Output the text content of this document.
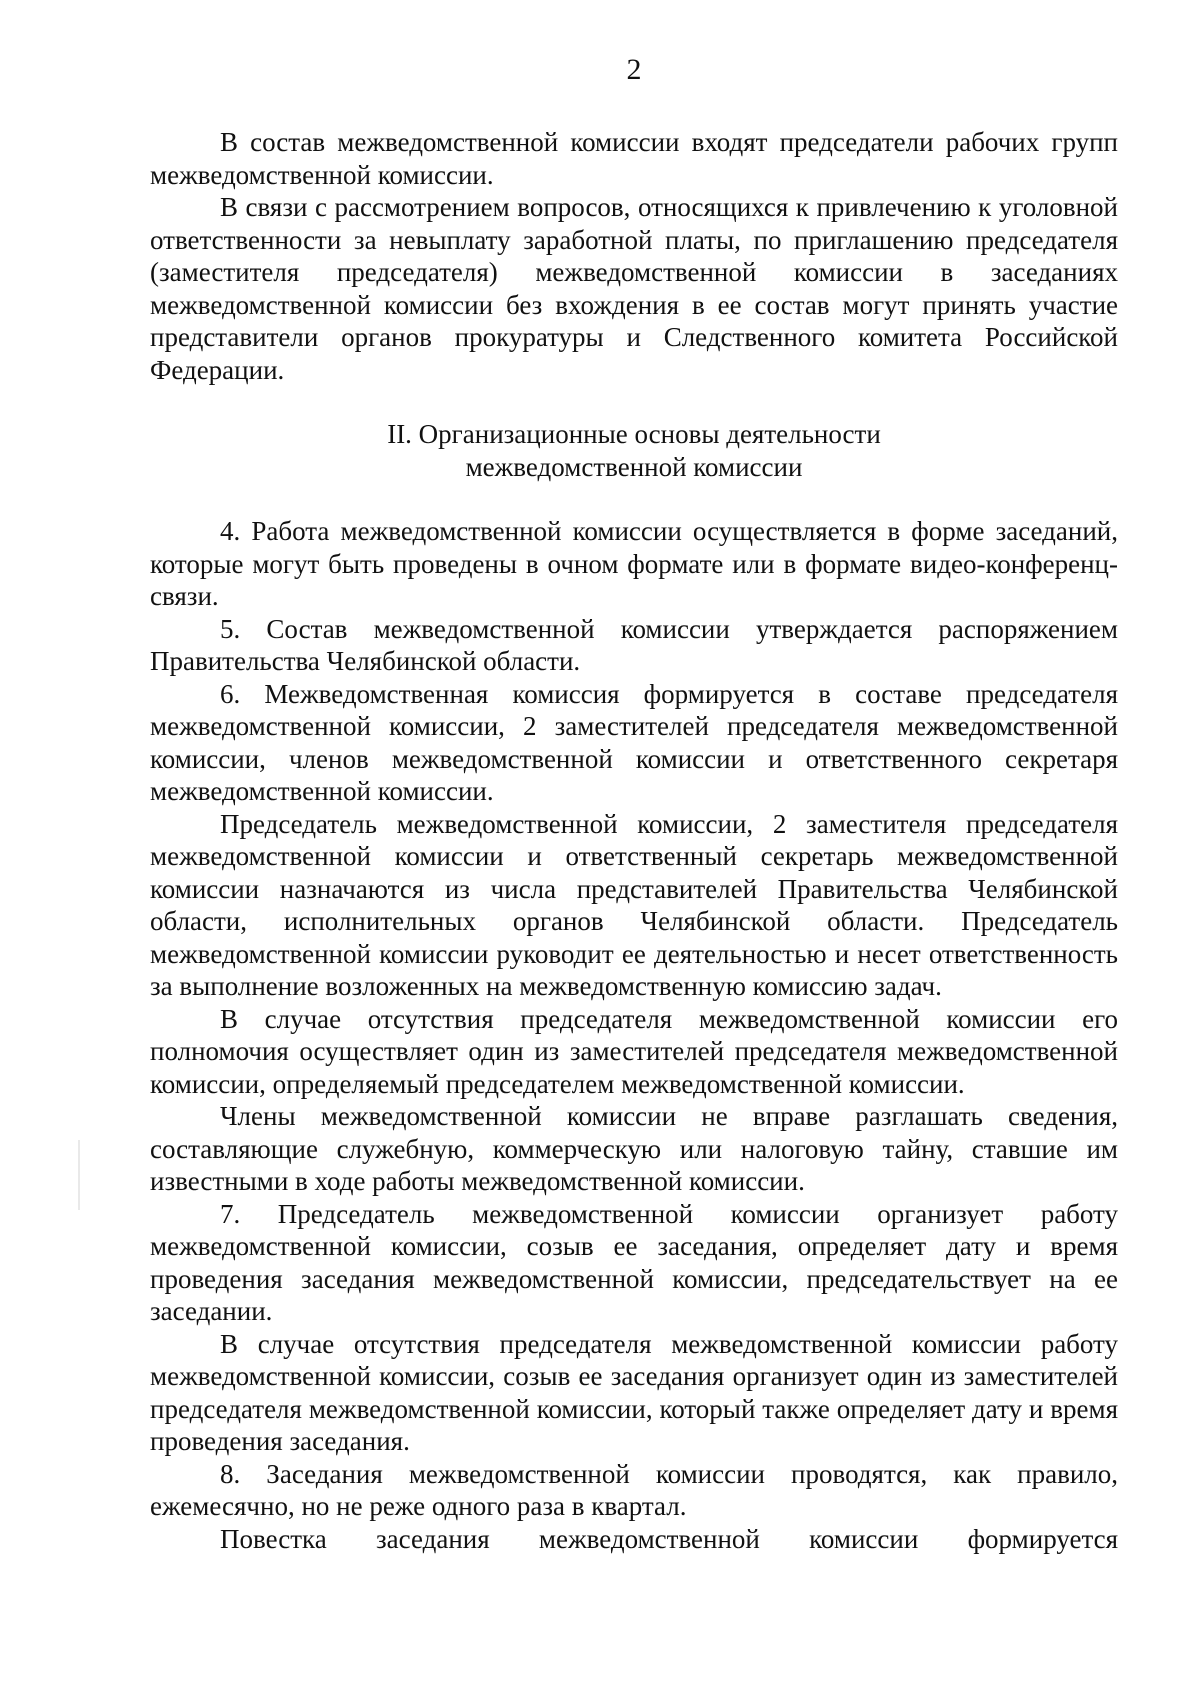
2

В состав межведомственной комиссии входят председатели рабочих групп межведомственной комиссии.

В связи с рассмотрением вопросов, относящихся к привлечению к уголовной ответственности за невыплату заработной платы, по приглашению председателя (заместителя председателя) межведомственной комиссии в заседаниях межведомственной комиссии без вхождения в ее состав могут принять участие представители органов прокуратуры и Следственного комитета Российской Федерации.

II. Организационные основы деятельности
межведомственной комиссии

4. Работа межведомственной комиссии осуществляется в форме заседаний, которые могут быть проведены в очном формате или в формате видео-конференц-связи.

5. Состав межведомственной комиссии утверждается распоряжением Правительства Челябинской области.

6. Межведомственная комиссия формируется в составе председателя межведомственной комиссии, 2 заместителей председателя межведомственной комиссии, членов межведомственной комиссии и ответственного секретаря межведомственной комиссии.

Председатель межведомственной комиссии, 2 заместителя председателя межведомственной комиссии и ответственный секретарь межведомственной комиссии назначаются из числа представителей Правительства Челябинской области, исполнительных органов Челябинской области. Председатель межведомственной комиссии руководит ее деятельностью и несет ответственность за выполнение возложенных на межведомственную комиссию задач.

В случае отсутствия председателя межведомственной комиссии его полномочия осуществляет один из заместителей председателя межведомственной комиссии, определяемый председателем межведомственной комиссии.

Члены межведомственной комиссии не вправе разглашать сведения, составляющие служебную, коммерческую или налоговую тайну, ставшие им известными в ходе работы межведомственной комиссии.

7. Председатель межведомственной комиссии организует работу межведомственной комиссии, созыв ее заседания, определяет дату и время проведения заседания межведомственной комиссии, председательствует на ее заседании.

В случае отсутствия председателя межведомственной комиссии работу межведомственной комиссии, созыв ее заседания организует один из заместителей председателя межведомственной комиссии, который также определяет дату и время проведения заседания.

8. Заседания межведомственной комиссии проводятся, как правило, ежемесячно, но не реже одного раза в квартал.

Повестка заседания межведомственной комиссии формируется
